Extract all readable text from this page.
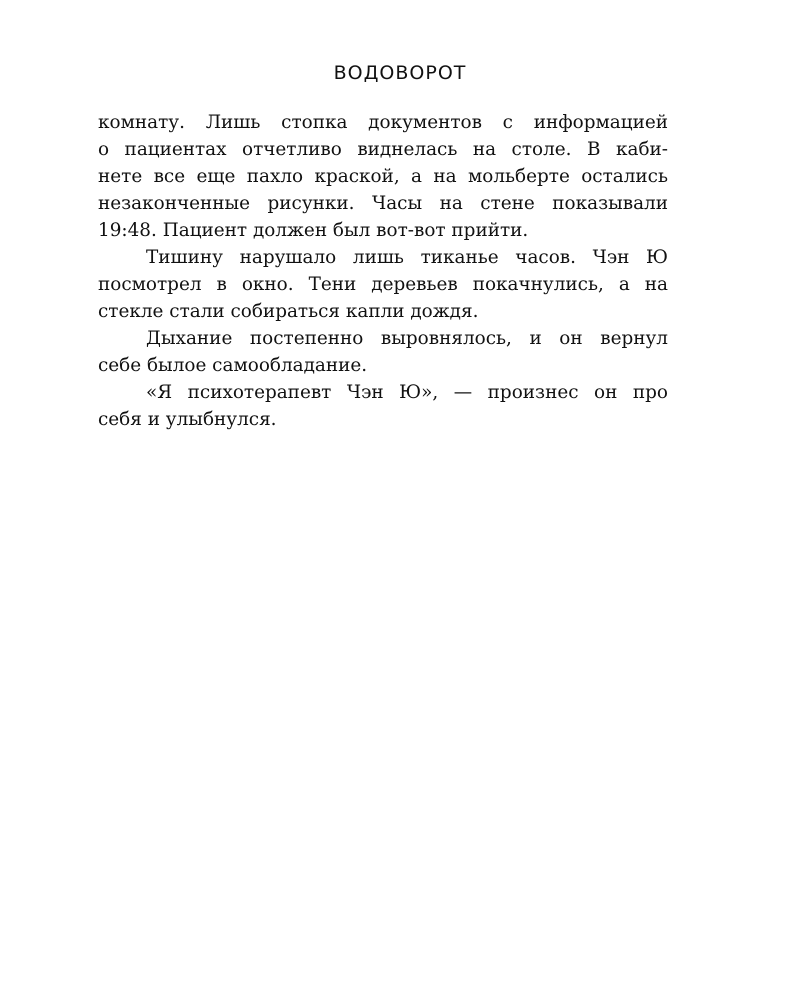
ВОДОВОРОТ
комнату. Лишь стопка документов с информацией
о пациентах отчетливо виднелась на столе. В каби-
нете все еще пахло краской, а на мольберте остались
незаконченные рисунки. Часы на стене показывали
19:48. Пациент должен был вот-вот прийти.
Тишину нарушало лишь тиканье часов. Чэн Ю
посмотрел в окно. Тени деревьев покачнулись, а на
стекле стали собираться капли дождя.
Дыхание постепенно выровнялось, и он вернул
себе былое самообладание.
«Я психотерапевт Чэн Ю», — произнес он про
себя и улыбнулся.
